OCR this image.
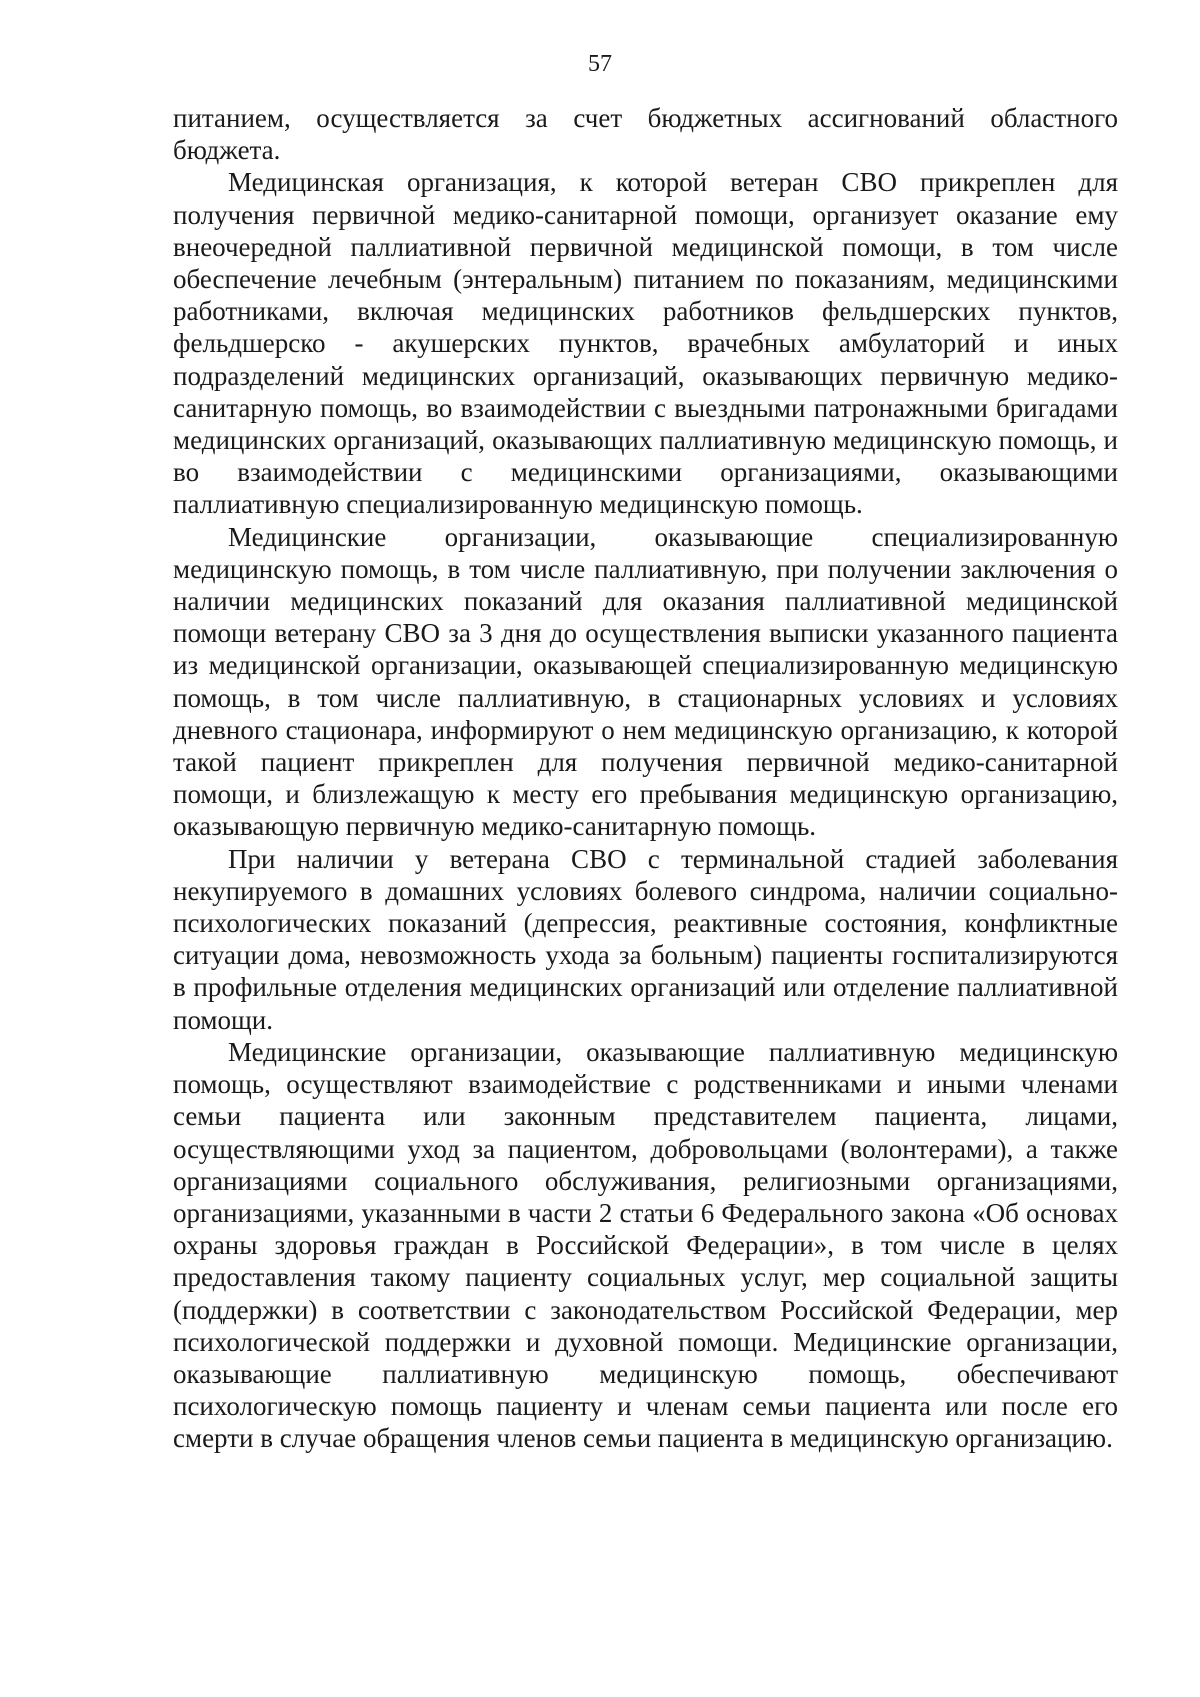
57

питанием, осуществляется за счет бюджетных ассигнований областного бюджета.

Медицинская организация, к которой ветеран СВО прикреплен для получения первичной медико-санитарной помощи, организует оказание ему внеочередной паллиативной первичной медицинской помощи, в том числе обеспечение лечебным (энтеральным) питанием по показаниям, медицинскими работниками, включая медицинских работников фельдшерских пунктов, фельдшерско - акушерских пунктов, врачебных амбулаторий и иных подразделений медицинских организаций, оказывающих первичную медико-санитарную помощь, во взаимодействии с выездными патронажными бригадами медицинских организаций, оказывающих паллиативную медицинскую помощь, и во взаимодействии с медицинскими организациями, оказывающими паллиативную специализированную медицинскую помощь.

Медицинские организации, оказывающие специализированную медицинскую помощь, в том числе паллиативную, при получении заключения о наличии медицинских показаний для оказания паллиативной медицинской помощи ветерану СВО за 3 дня до осуществления выписки указанного пациента из медицинской организации, оказывающей специализированную медицинскую помощь, в том числе паллиативную, в стационарных условиях и условиях дневного стационара, информируют о нем медицинскую организацию, к которой такой пациент прикреплен для получения первичной медико-санитарной помощи, и близлежащую к месту его пребывания медицинскую организацию, оказывающую первичную медико-санитарную помощь.

При наличии у ветерана СВО с терминальной стадией заболевания некупируемого в домашних условиях болевого синдрома, наличии социально-психологических показаний (депрессия, реактивные состояния, конфликтные ситуации дома, невозможность ухода за больным) пациенты госпитализируются в профильные отделения медицинских организаций или отделение паллиативной помощи.

Медицинские организации, оказывающие паллиативную медицинскую помощь, осуществляют взаимодействие с родственниками и иными членами семьи пациента или законным представителем пациента, лицами, осуществляющими уход за пациентом, добровольцами (волонтерами), а также организациями социального обслуживания, религиозными организациями, организациями, указанными в части 2 статьи 6 Федерального закона «Об основах охраны здоровья граждан в Российской Федерации», в том числе в целях предоставления такому пациенту социальных услуг, мер социальной защиты (поддержки) в соответствии с законодательством Российской Федерации, мер психологической поддержки и духовной помощи. Медицинские организации, оказывающие паллиативную медицинскую помощь, обеспечивают психологическую помощь пациенту и членам семьи пациента или после его смерти в случае обращения членов семьи пациента в медицинскую организацию.
